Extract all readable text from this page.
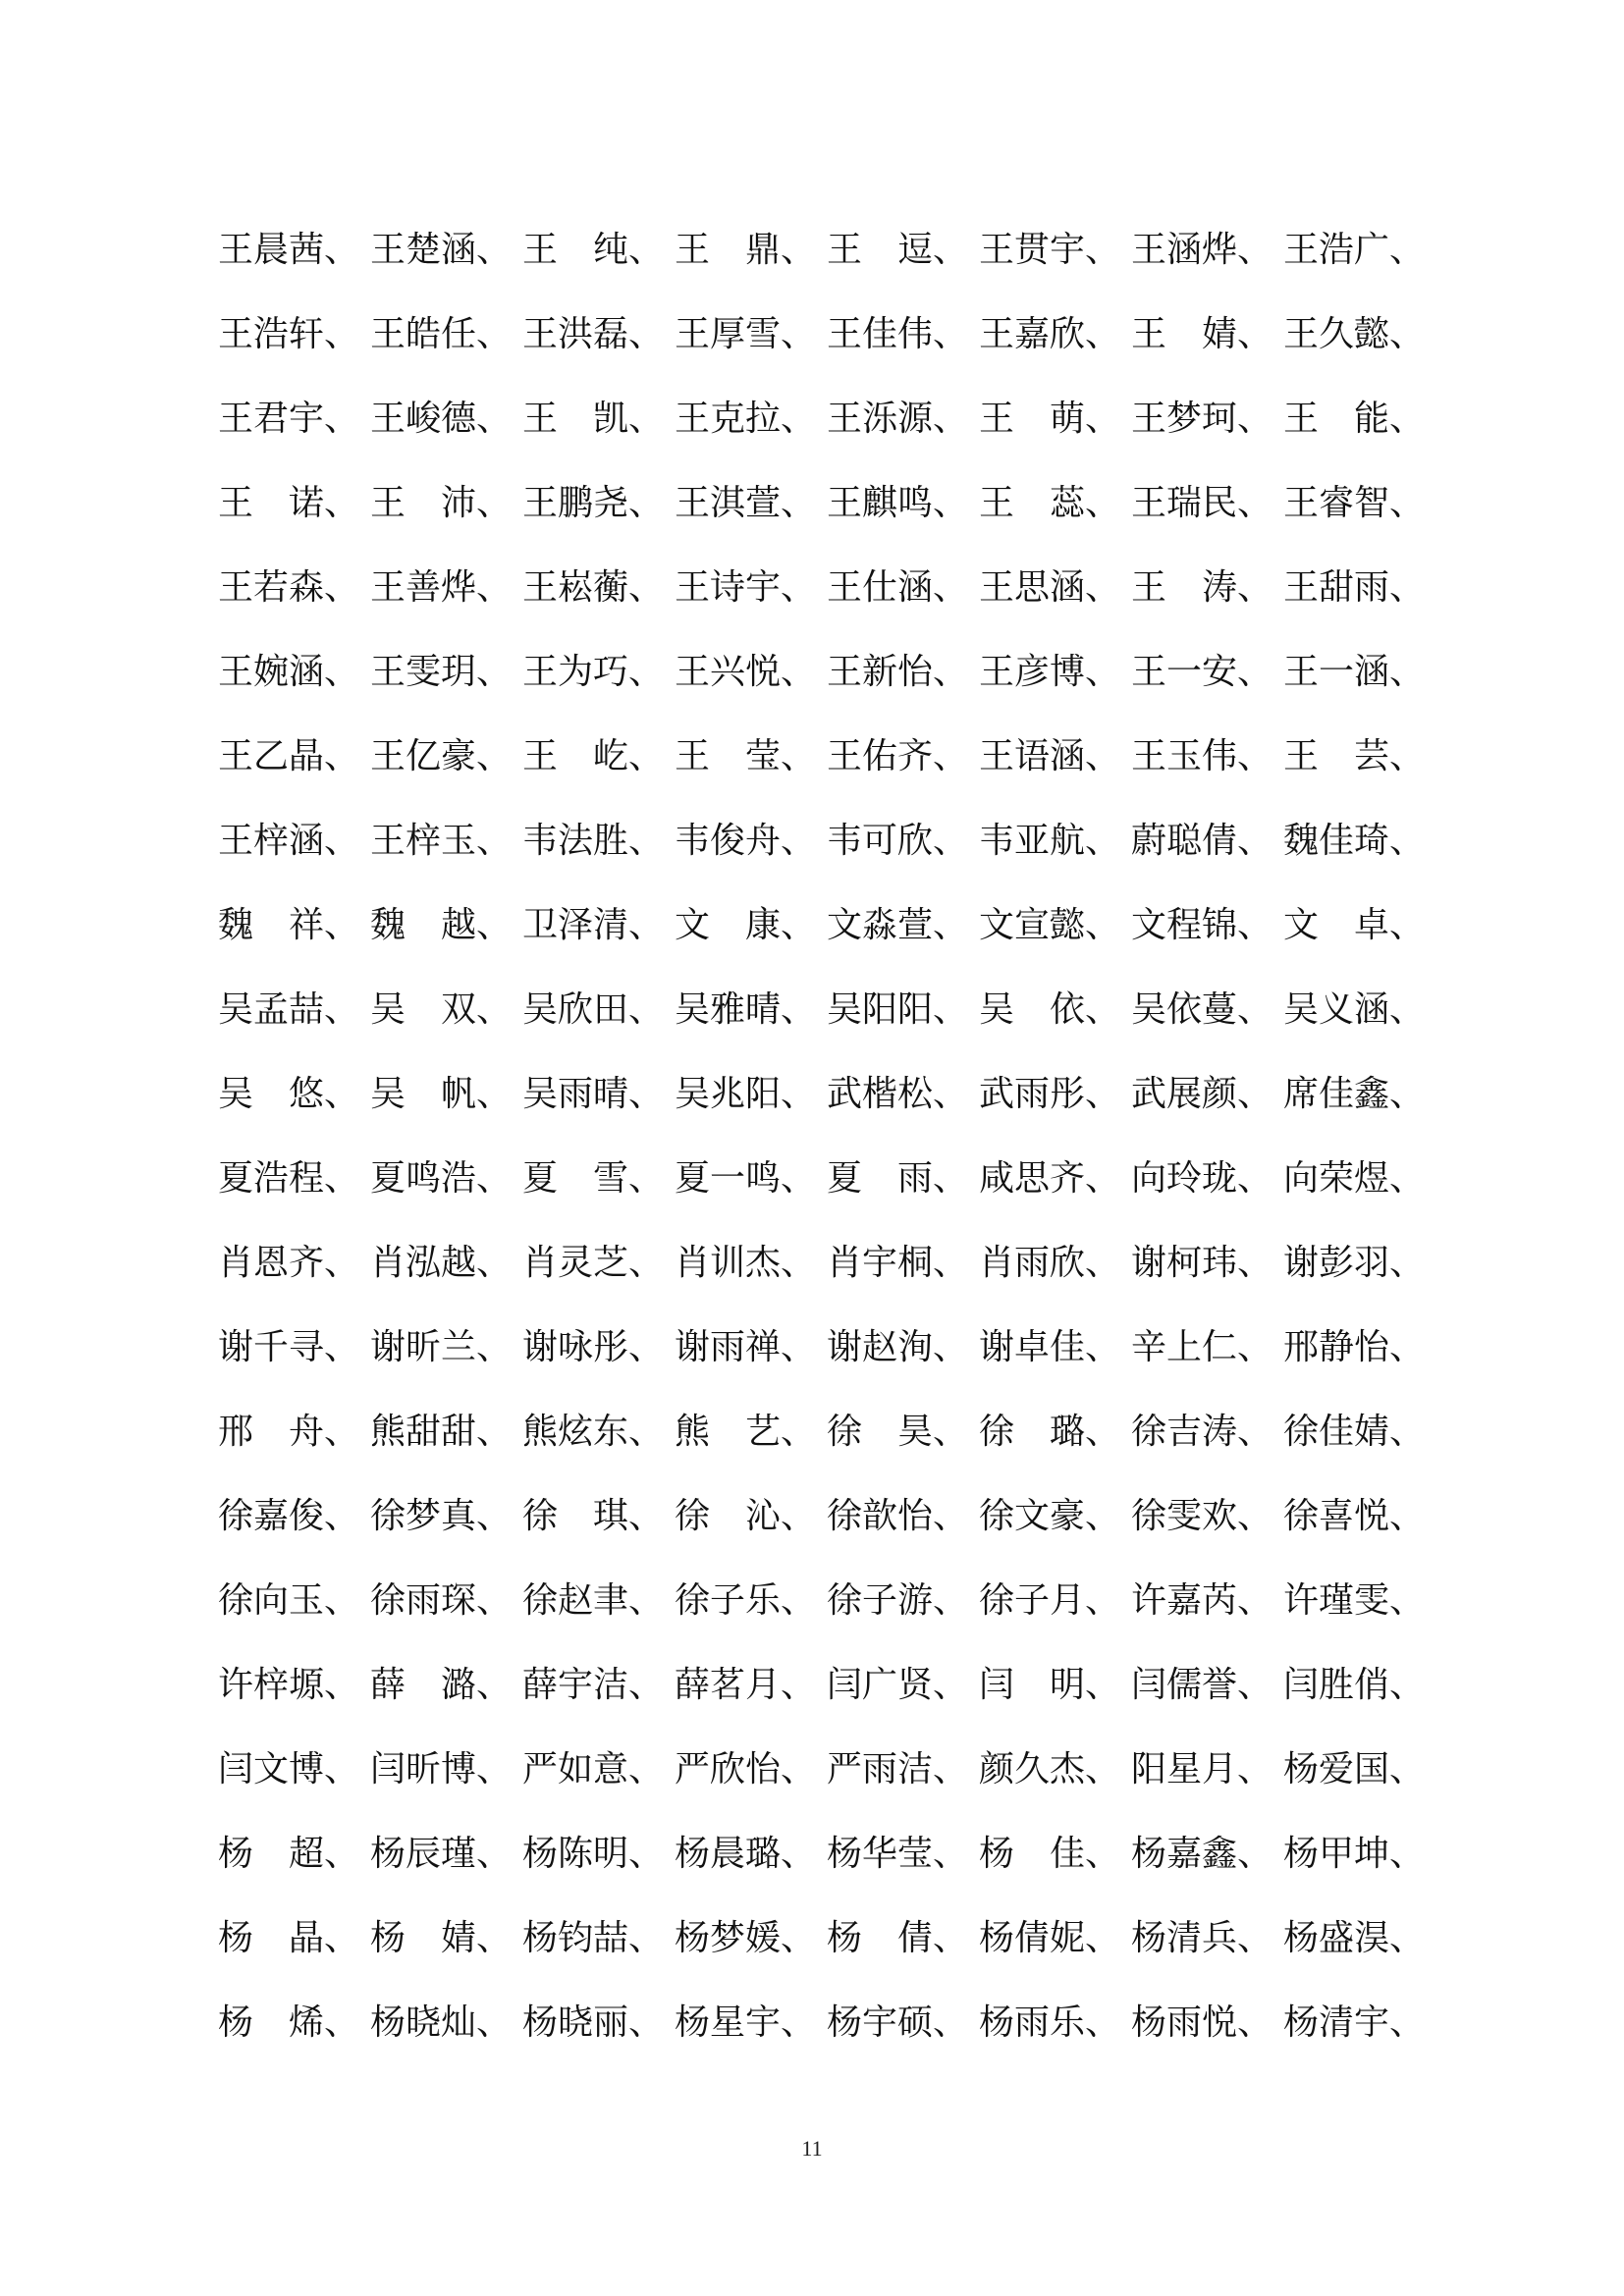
王晨茜、 王楚涵、 王　纯、 王　鼎、 王　逗、 王贯宇、 王涵烨、 王浩广、
王浩轩、 王皓任、 王洪磊、 王厚雪、 王佳伟、 王嘉欣、 王　婧、 王久懿、
王君宇、 王峻德、 王　凯、 王克拉、 王泺源、 王　萌、 王梦珂、 王　能、
王　诺、 王　沛、 王鹏尧、 王淇萱、 王麒鸣、 王　蕊、 王瑞民、 王睿智、
王若森、 王善烨、 王崧蘅、 王诗宇、 王仕涵、 王思涵、 王　涛、 王甜雨、
王婉涵、 王雯玥、 王为巧、 王兴悦、 王新怡、 王彦博、 王一安、 王一涵、
王乙晶、 王亿豪、 王　屹、 王　莹、 王佑齐、 王语涵、 王玉伟、 王　芸、
王梓涵、 王梓玉、 韦法胜、 韦俊舟、 韦可欣、 韦亚航、 蔚聪倩、 魏佳琦、
魏　祥、 魏　越、 卫泽清、 文　康、 文淼萱、 文宣懿、 文程锦、 文　卓、
吴孟喆、 吴　双、 吴欣田、 吴雅晴、 吴阳阳、 吴　依、 吴依蔓、 吴义涵、
吴　悠、 吴　帆、 吴雨晴、 吴兆阳、 武楷松、 武雨彤、 武展颜、 席佳鑫、
夏浩程、 夏鸣浩、 夏　雪、 夏一鸣、 夏　雨、 咸思齐、 向玲珑、 向荣煜、
肖恩齐、 肖泓越、 肖灵芝、 肖训杰、 肖宇桐、 肖雨欣、 谢柯玮、 谢彭羽、
谢千寻、 谢昕兰、 谢咏彤、 谢雨禅、 谢赵洵、 谢卓佳、 辛上仁、 邢静怡、
邢　舟、 熊甜甜、 熊炫东、 熊　艺、 徐　昊、 徐　璐、 徐吉涛、 徐佳婧、
徐嘉俊、 徐梦真、 徐　琪、 徐　沁、 徐歆怡、 徐文豪、 徐雯欢、 徐喜悦、
徐向玉、 徐雨琛、 徐赵聿、 徐子乐、 徐子游、 徐子月、 许嘉芮、 许瑾雯、
许梓塬、 薛　潞、 薛宇洁、 薛茗月、 闫广贤、 闫　明、 闫儒誉、 闫胜俏、
闫文博、 闫昕博、 严如意、 严欣怡、 严雨洁、 颜久杰、 阳星月、 杨爱国、
杨　超、 杨辰瑾、 杨陈明、 杨晨璐、 杨华莹、 杨　佳、 杨嘉鑫、 杨甲坤、
杨　晶、 杨　婧、 杨钧喆、 杨梦媛、 杨　倩、 杨倩妮、 杨清兵、 杨盛淏、
杨　烯、 杨晓灿、 杨晓丽、 杨星宇、 杨宇硕、 杨雨乐、 杨雨悦、 杨清宇、
11
